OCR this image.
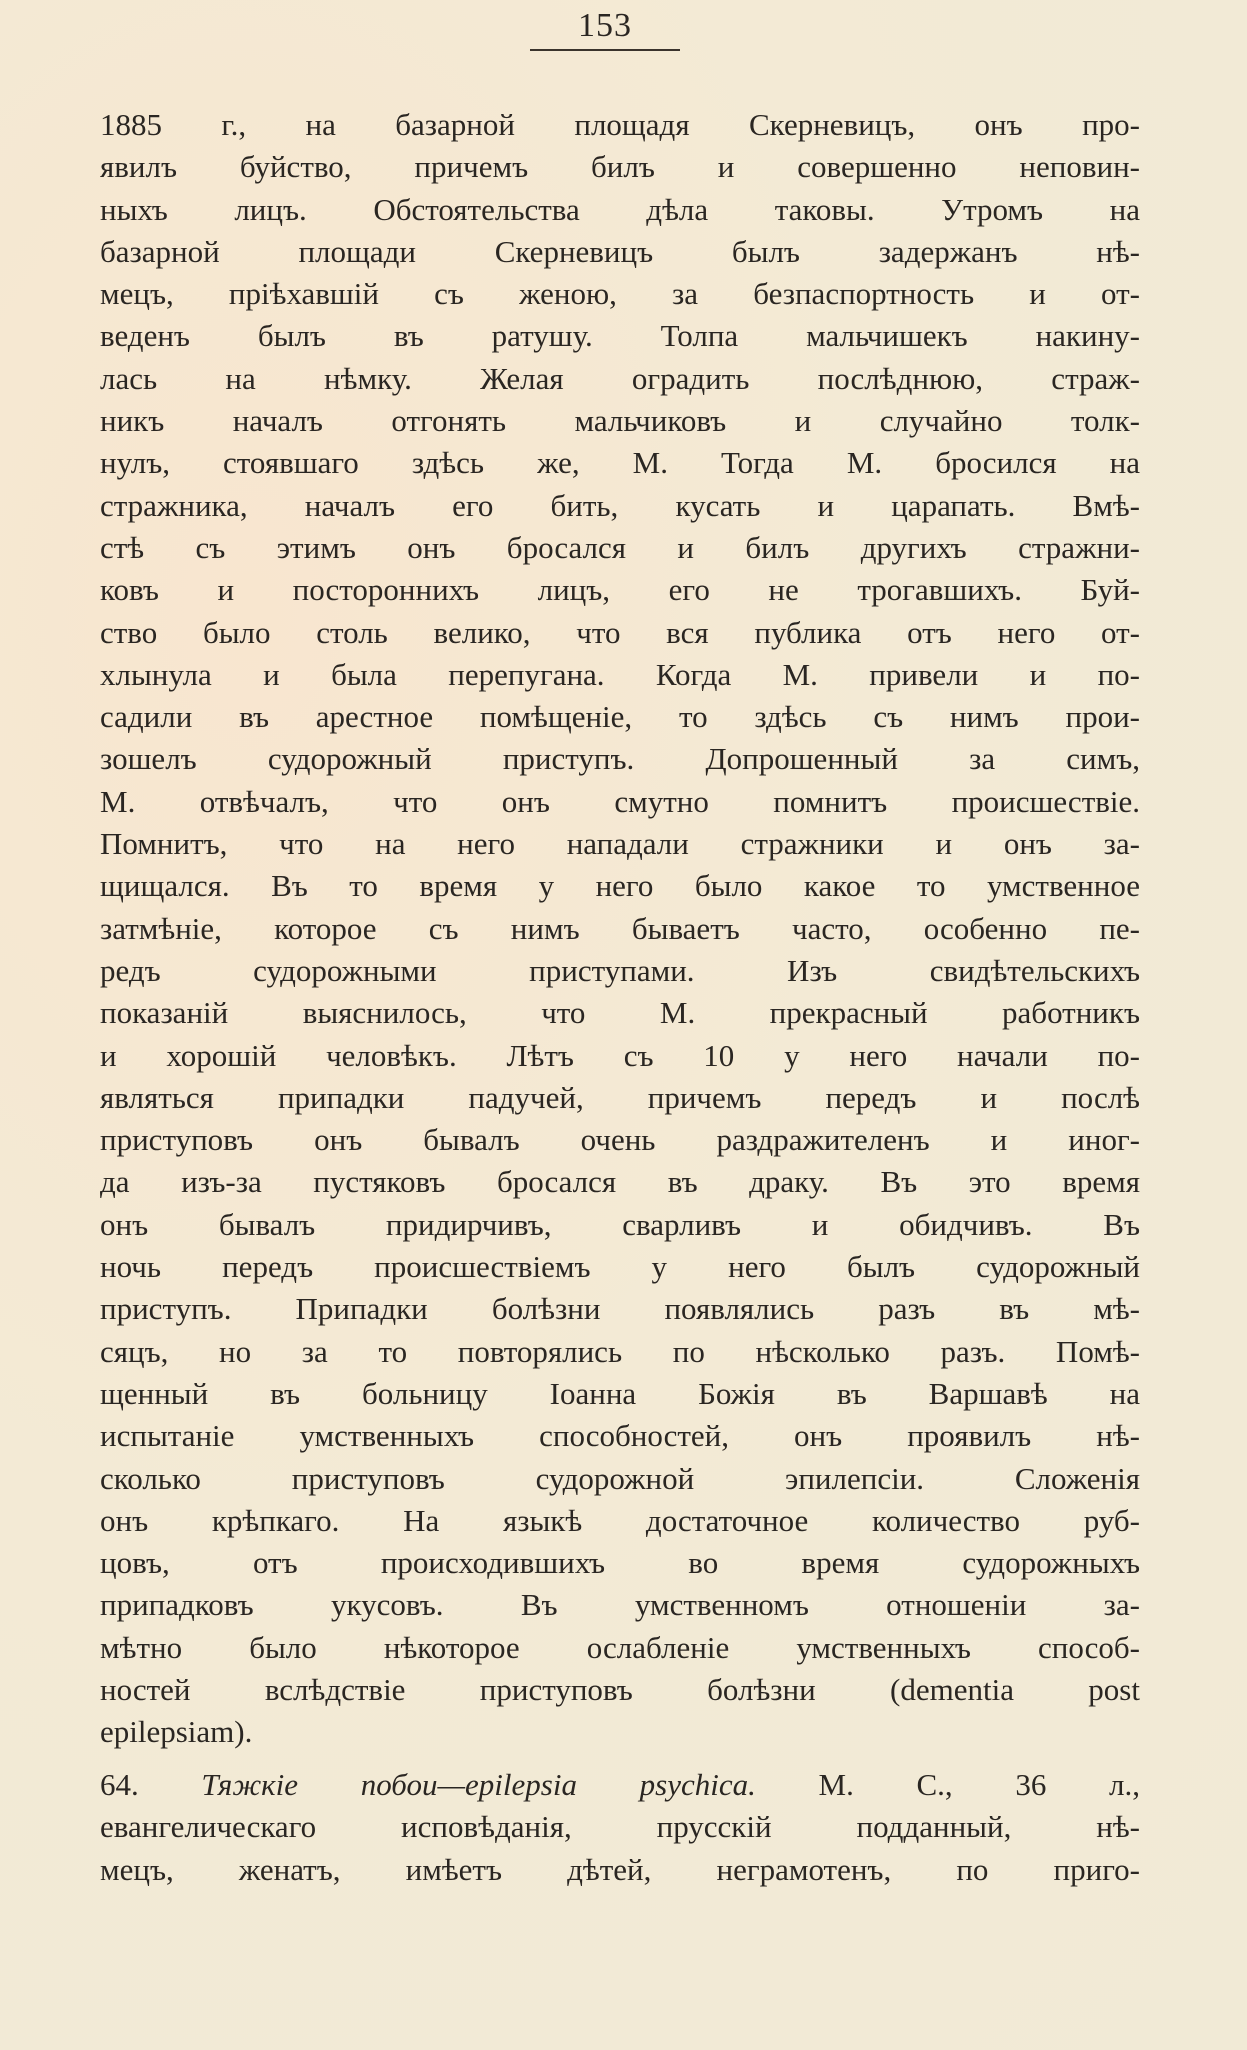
153
1885 г., на базарной площадя Скерневицъ, онъ про-
явилъ буйство, причемъ билъ и совершенно неповин-
ныхъ лицъ. Обстоятельства дѣла таковы. Утромъ на
базарной площади Скерневицъ былъ задержанъ нѣ-
мецъ, пріѣхавшій съ женою, за безпаспортность и от-
веденъ былъ въ ратушу. Толпа мальчишекъ накину-
лась на нѣмку. Желая оградить послѣднюю, страж-
никъ началъ отгонять мальчиковъ и случайно толк-
нулъ, стоявшаго здѣсь же, М. Тогда М. бросился на
стражника, началъ его бить, кусать и царапать. Вмѣ-
стѣ съ этимъ онъ бросался и билъ другихъ стражни-
ковъ и постороннихъ лицъ, его не трогавшихъ. Буй-
ство было столь велико, что вся публика отъ него от-
хлынула и была перепугана. Когда М. привели и по-
садили въ арестное помѣщеніе, то здѣсь съ нимъ прои-
зошелъ судорожный приступъ. Допрошенный за симъ,
М. отвѣчалъ, что онъ смутно помнитъ происшествіе.
Помнитъ, что на него нападали стражники и онъ за-
щищался. Въ то время у него было какое то умственное
затмѣніе, которое съ нимъ бываетъ часто, особенно пе-
редъ судорожными приступами. Изъ свидѣтельскихъ
показаній выяснилось, что М. прекрасный работникъ
и хорошій человѣкъ. Лѣтъ съ 10 у него начали по-
являться припадки падучей, причемъ передъ и послѣ
приступовъ онъ бывалъ очень раздражителенъ и иног-
да изъ-за пустяковъ бросался въ драку. Въ это время
онъ бывалъ придирчивъ, сварливъ и обидчивъ. Въ
ночь передъ происшествіемъ у него былъ судорожный
приступъ. Припадки болѣзни появлялись разъ въ мѣ-
сяцъ, но за то повторялись по нѣсколько разъ. Помѣ-
щенный въ больницу Іоанна Божія въ Варшавѣ на
испытаніе умственныхъ способностей, онъ проявилъ нѣ-
сколько приступовъ судорожной эпилепсіи. Сложенія
онъ крѣпкаго. На языкѣ достаточное количество руб-
цовъ, отъ происходившихъ во время судорожныхъ
припадковъ укусовъ. Въ умственномъ отношеніи за-
мѣтно было нѣкоторое ослабленіе умственныхъ способ-
ностей вслѣдствіе приступовъ болѣзни (dementia post
epilepsiam).
64. Тяжкіе побои—epilepsia psychica. М. С., 36 л.,
евангелическаго исповѣданія, прусскій подданный, нѣ-
мецъ, женатъ, имѣетъ дѣтей, неграмотенъ, по приго-
